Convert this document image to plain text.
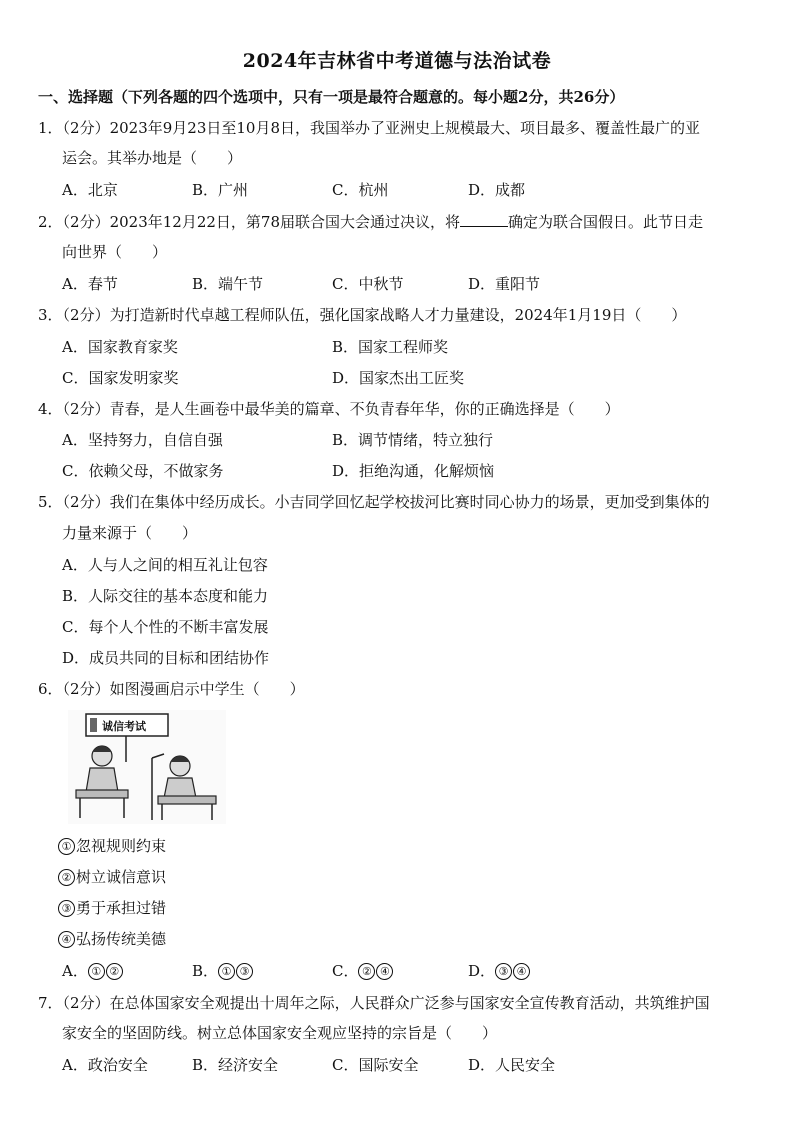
2024年吉林省中考道德与法治试卷
一、选择题（下列各题的四个选项中，只有一项是最符合题意的。每小题2分，共26分）
1．（2分）2023年9月23日至10月8日，我国举办了亚洲史上规模最大、项目最多、覆盖性最广的亚
运会。其举办地是（　　）
A．北京	B．广州	C．杭州	D．成都
2．（2分）2023年12月22日，第78届联合国大会通过决议，将	确定为联合国假日。此节日走
向世界（　　）
A．春节	B．端午节	C．中秋节	D．重阳节
3．（2分）为打造新时代卓越工程师队伍，强化国家战略人才力量建设，2024年1月19日（　　）
A．国家教育家奖	B．国家工程师奖
C．国家发明家奖	D．国家杰出工匠奖
4．（2分）青春，是人生画卷中最华美的篇章、不负青春年华，你的正确选择是（　　）
A．坚持努力，自信自强	B．调节情绪，特立独行
C．依赖父母，不做家务	D．拒绝沟通，化解烦恼
5．（2分）我们在集体中经历成长。小吉同学回忆起学校拔河比赛时同心协力的场景，更加受到集体的
力量来源于（　　）
A．人与人之间的相互礼让包容
B．人际交往的基本态度和能力
C．每个人个性的不断丰富发展
D．成员共同的目标和团结协作
6．（2分）如图漫画启示中学生（　　）
诚信考试
① 忽视规则约束
② 树立诚信意识
③ 勇于承担过错
④ 弘扬传统美德
A． ① ②	B． ① ③	C． ② ④	D． ③ ④
7．（2分）在总体国家安全观提出十周年之际，人民群众广泛参与国家安全宣传教育活动，共筑维护国
家安全的坚固防线。树立总体国家安全观应坚持的宗旨是（　　）
A．政治安全	B．经济安全	C．国际安全	D．人民安全
